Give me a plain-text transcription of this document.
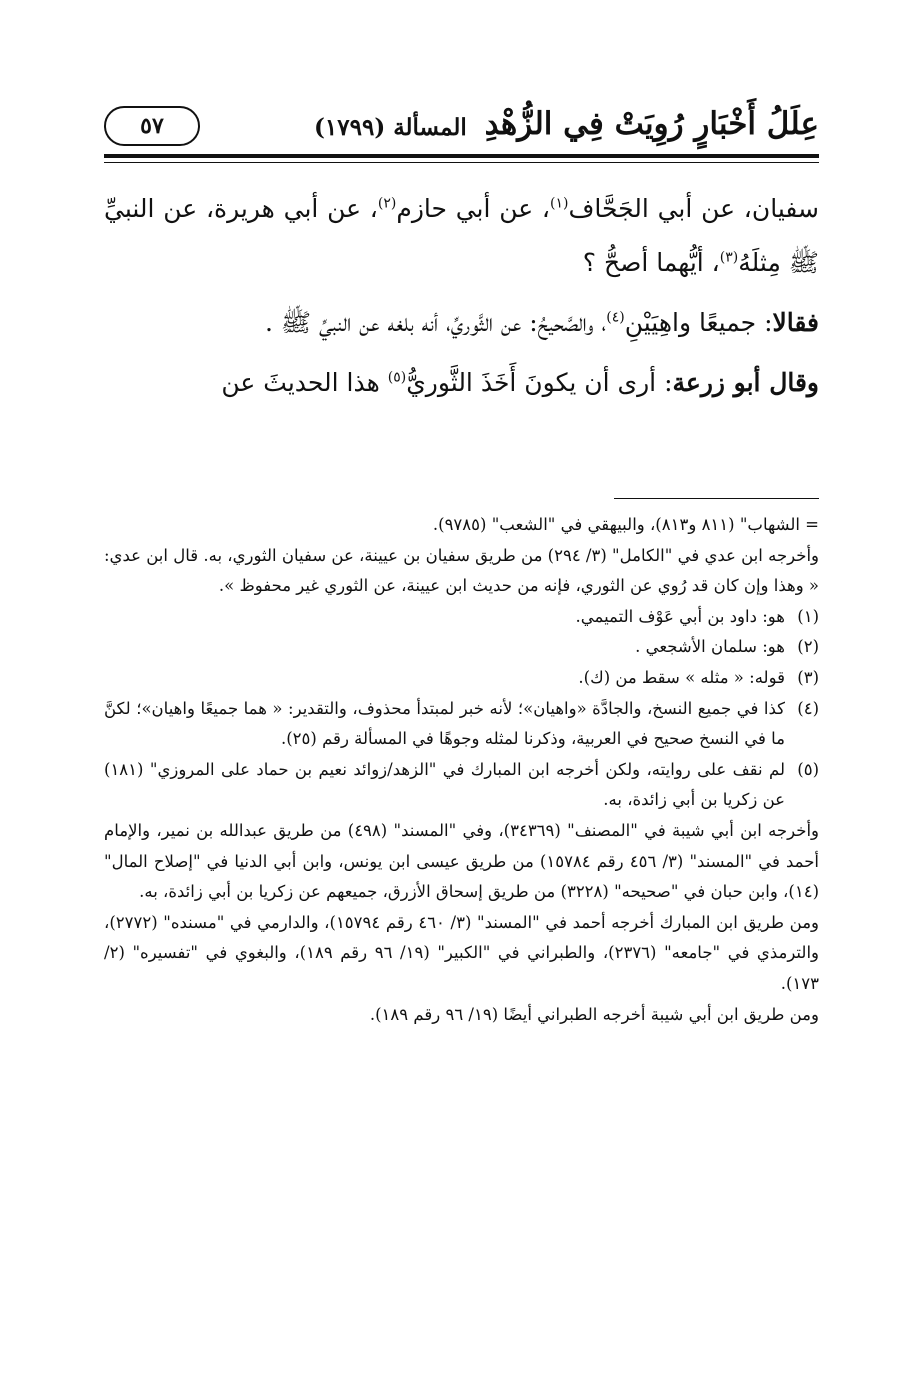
عِلَلُ أَخْبَارٍ رُوِيَتْ فِي الزُّهْدِ
المسألة (١٧٩٩)
٥٧

سفيان، عن أبي الجَحَّاف$^{(١)}$، عن أبي حازم$^{(٢)}$، عن أبي هريرة، عن النبيِّ ﷺ مِثلَهُ$^{(٣)}$، أيُّهما أصحُّ ؟

فقالا: جميعًا واهِيَيْنِ$^{(٤)}$، والصَّحيحُ: عن الثَّوريِّ، أنه بلغه عن النبيِّ ﷺ .

وقال أبو زرعة: أرى أن يكونَ أَخَذَ الثَّوريُّ$^{(٥)}$ هذا الحديثَ عن

= الشهاب" (٨١١ و٨١٣)، والبيهقي في "الشعب" (٩٧٨٥).

وأخرجه ابن عدي في "الكامل" (٣/ ٢٩٤) من طريق سفيان بن عيينة، عن سفيان الثوري، به. قال ابن عدي: « وهذا وإن كان قد رُوي عن الثوري، فإنه من حديث ابن عيينة، عن الثوري غير محفوظ ».

(١)
هو: داود بن أبي عَوْف التميمي.
(٢)
هو: سلمان الأشجعي .
(٣)
قوله: « مثله » سقط من (ك).
(٤)
كذا في جميع النسخ، والجادَّة «واهيان»؛ لأنه خبر لمبتدأ محذوف، والتقدير: « هما جميعًا واهيان»؛ لكنَّ ما في النسخ صحيح في العربية، وذكرنا لمثله وجوهًا في المسألة رقم (٢٥).
(٥)
لم نقف على روايته، ولكن أخرجه ابن المبارك في "الزهد/زوائد نعيم بن حماد على المروزي" (١٨١) عن زكريا بن أبي زائدة، به.

وأخرجه ابن أبي شيبة في "المصنف" (٣٤٣٦٩)، وفي "المسند" (٤٩٨) من طريق عبدالله بن نمير، والإمام أحمد في "المسند" (٣/ ٤٥٦ رقم ١٥٧٨٤) من طريق عيسى ابن يونس، وابن أبي الدنيا في "إصلاح المال" (١٤)، وابن حبان في "صحيحه" (٣٢٢٨) من طريق إسحاق الأزرق، جميعهم عن زكريا بن أبي زائدة، به.

ومن طريق ابن المبارك أخرجه أحمد في "المسند" (٣/ ٤٦٠ رقم ١٥٧٩٤)، والدارمي في "مسنده" (٢٧٧٢)، والترمذي في "جامعه" (٢٣٧٦)، والطبراني في "الكبير" (١٩/ ٩٦ رقم ١٨٩)، والبغوي في "تفسيره" (٢/ ١٧٣).

ومن طريق ابن أبي شيبة أخرجه الطبراني أيضًا (١٩/ ٩٦ رقم ١٨٩).
